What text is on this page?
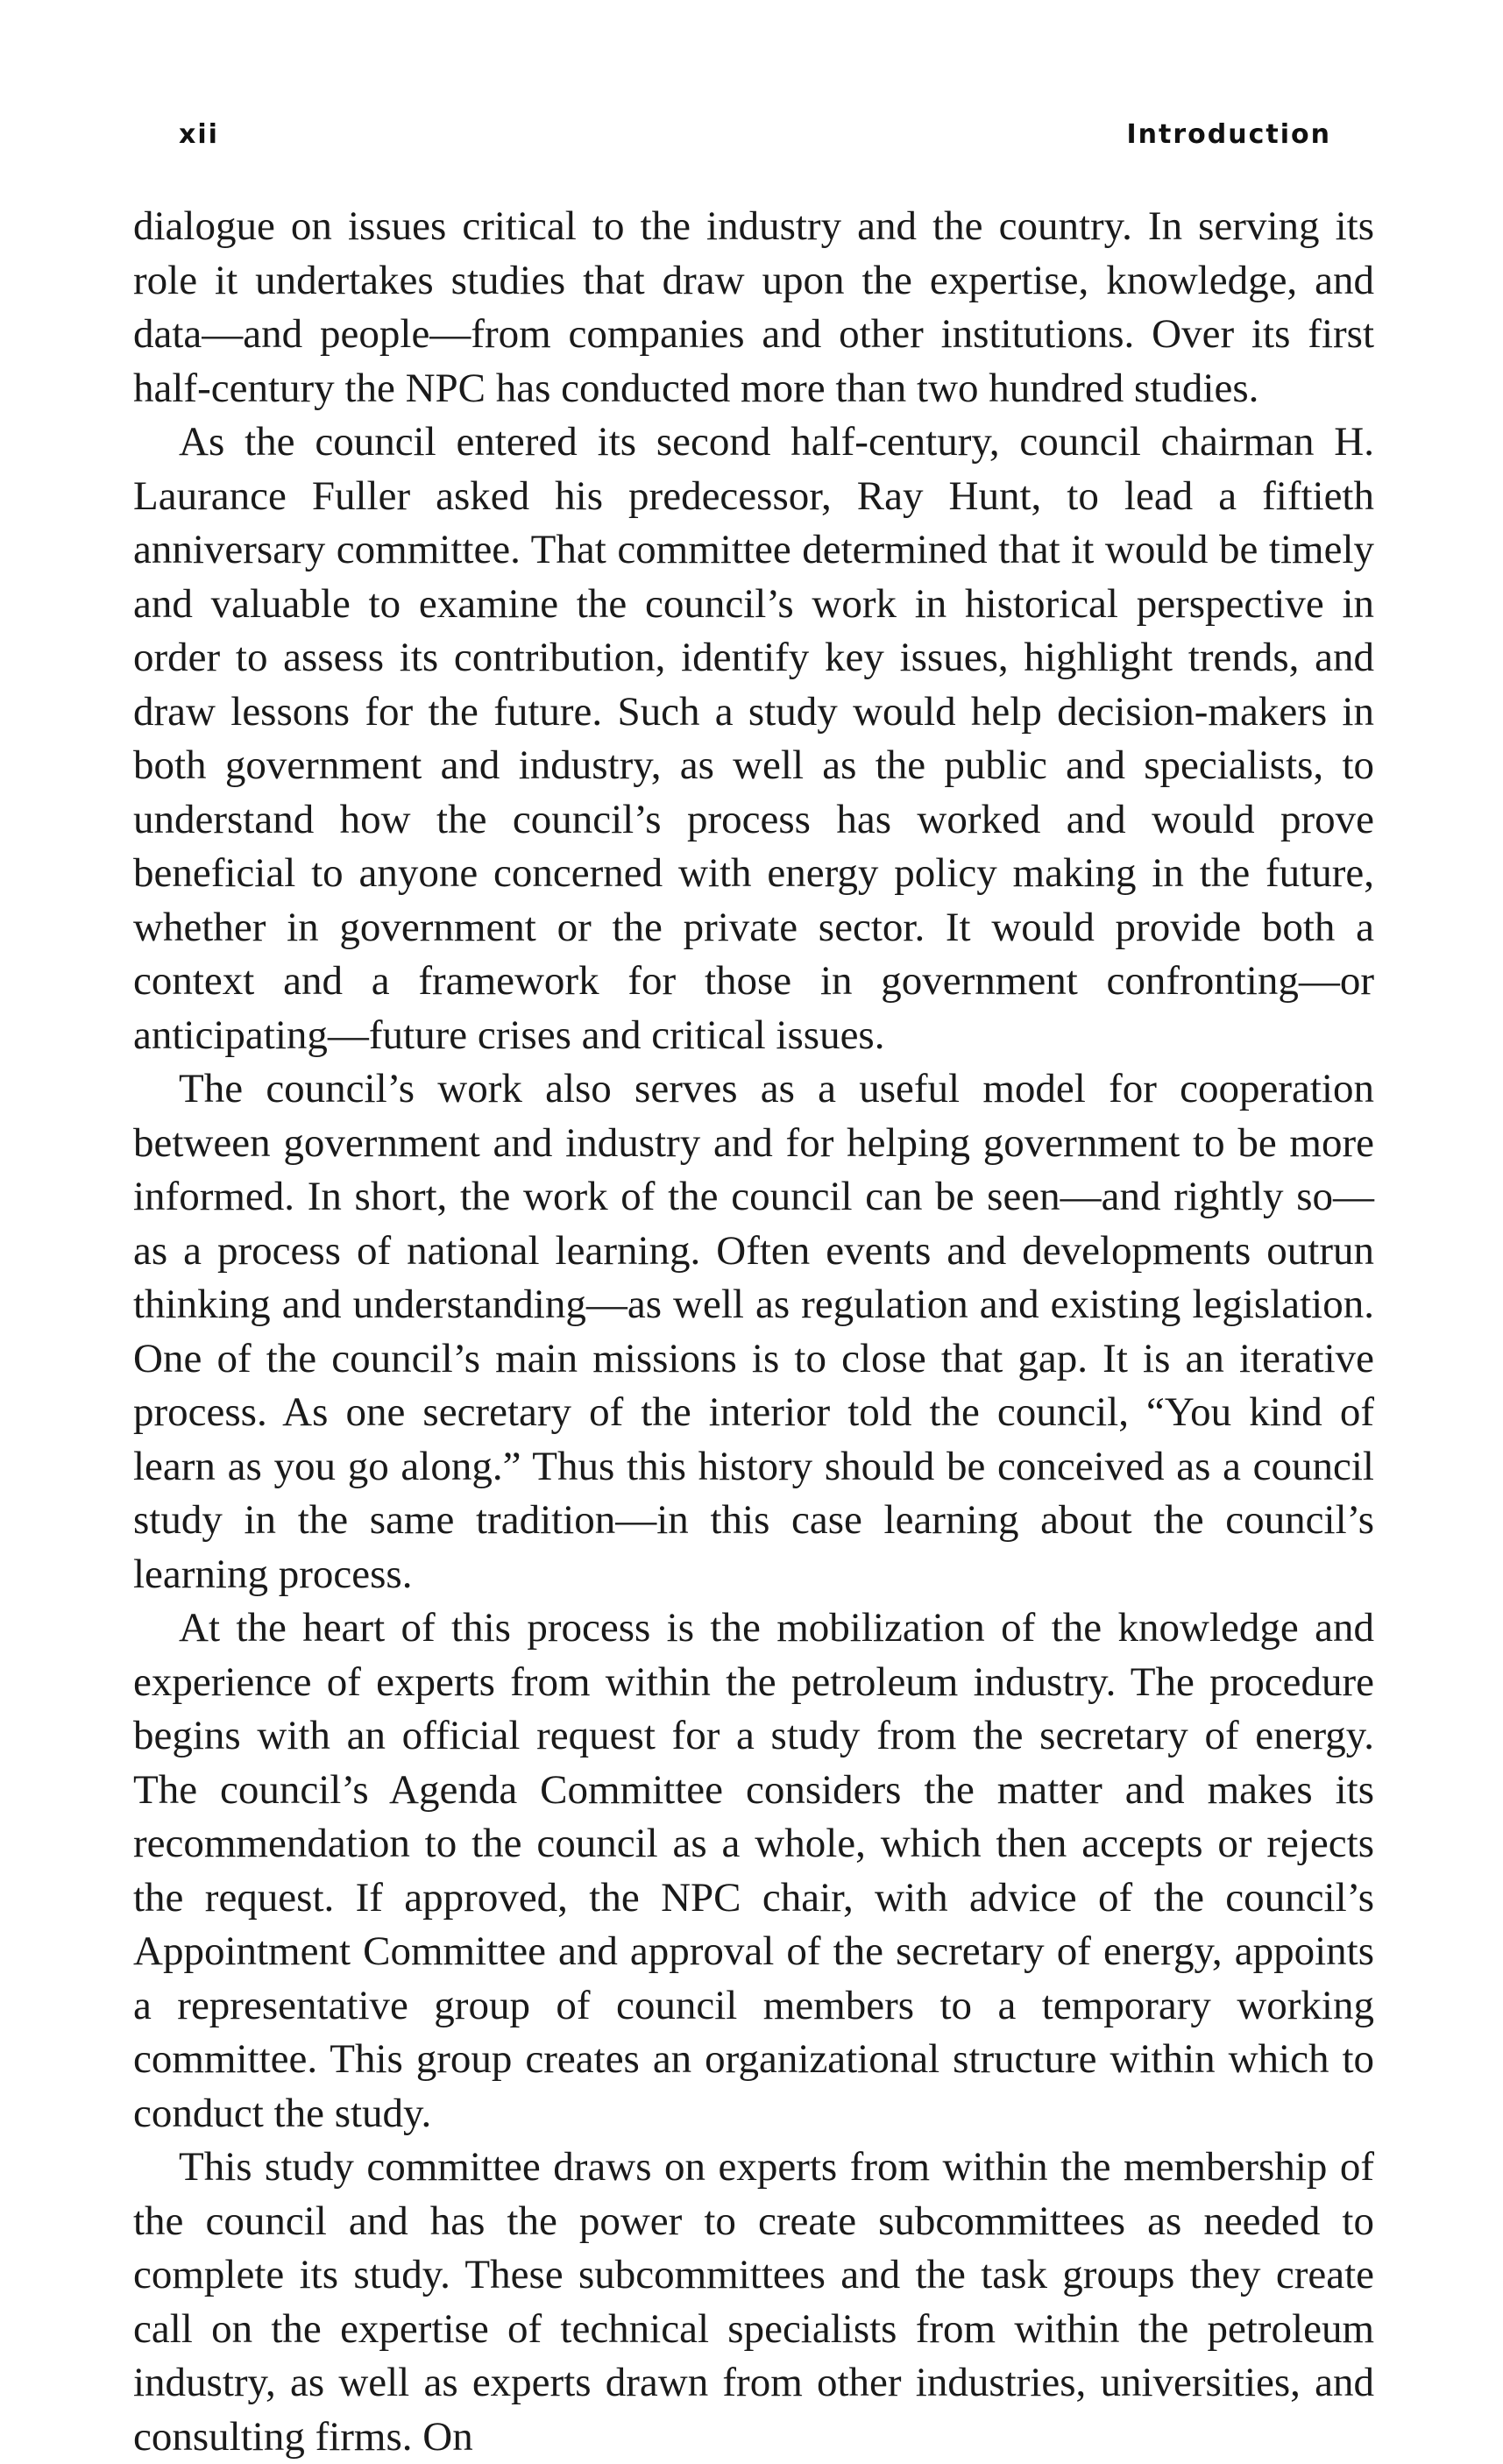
xii	Introduction

dialogue on issues critical to the industry and the country. In serving its role it undertakes studies that draw upon the expertise, knowledge, and data—and people—from companies and other institutions. Over its first half-century the NPC has conducted more than two hundred studies.

As the council entered its second half-century, council chairman H. Laurance Fuller asked his predecessor, Ray Hunt, to lead a fiftieth anniversary committee. That committee determined that it would be timely and valuable to examine the council’s work in historical perspective in order to assess its contribution, identify key issues, highlight trends, and draw lessons for the future. Such a study would help decision-makers in both government and industry, as well as the public and specialists, to understand how the council’s process has worked and would prove beneficial to anyone concerned with energy policy making in the future, whether in government or the private sector. It would provide both a context and a framework for those in government confronting—or anticipating—future crises and critical issues.

The council’s work also serves as a useful model for cooperation between government and industry and for helping government to be more informed. In short, the work of the council can be seen—and rightly so—as a process of national learning. Often events and developments outrun thinking and understanding—as well as regulation and existing legislation. One of the council’s main missions is to close that gap. It is an iterative process. As one secretary of the interior told the council, “You kind of learn as you go along.” Thus this history should be conceived as a council study in the same tradition—in this case learning about the council’s learning process.

At the heart of this process is the mobilization of the knowledge and experience of experts from within the petroleum industry. The procedure begins with an official request for a study from the secretary of energy. The council’s Agenda Committee considers the matter and makes its recommendation to the council as a whole, which then accepts or rejects the request. If approved, the NPC chair, with advice of the council’s Appointment Committee and approval of the secretary of energy, appoints a representative group of council members to a temporary working committee. This group creates an organizational structure within which to conduct the study.

This study committee draws on experts from within the membership of the council and has the power to create subcommittees as needed to complete its study. These subcommittees and the task groups they create call on the expertise of technical specialists from within the petroleum industry, as well as experts drawn from other industries, universities, and consulting firms. On
